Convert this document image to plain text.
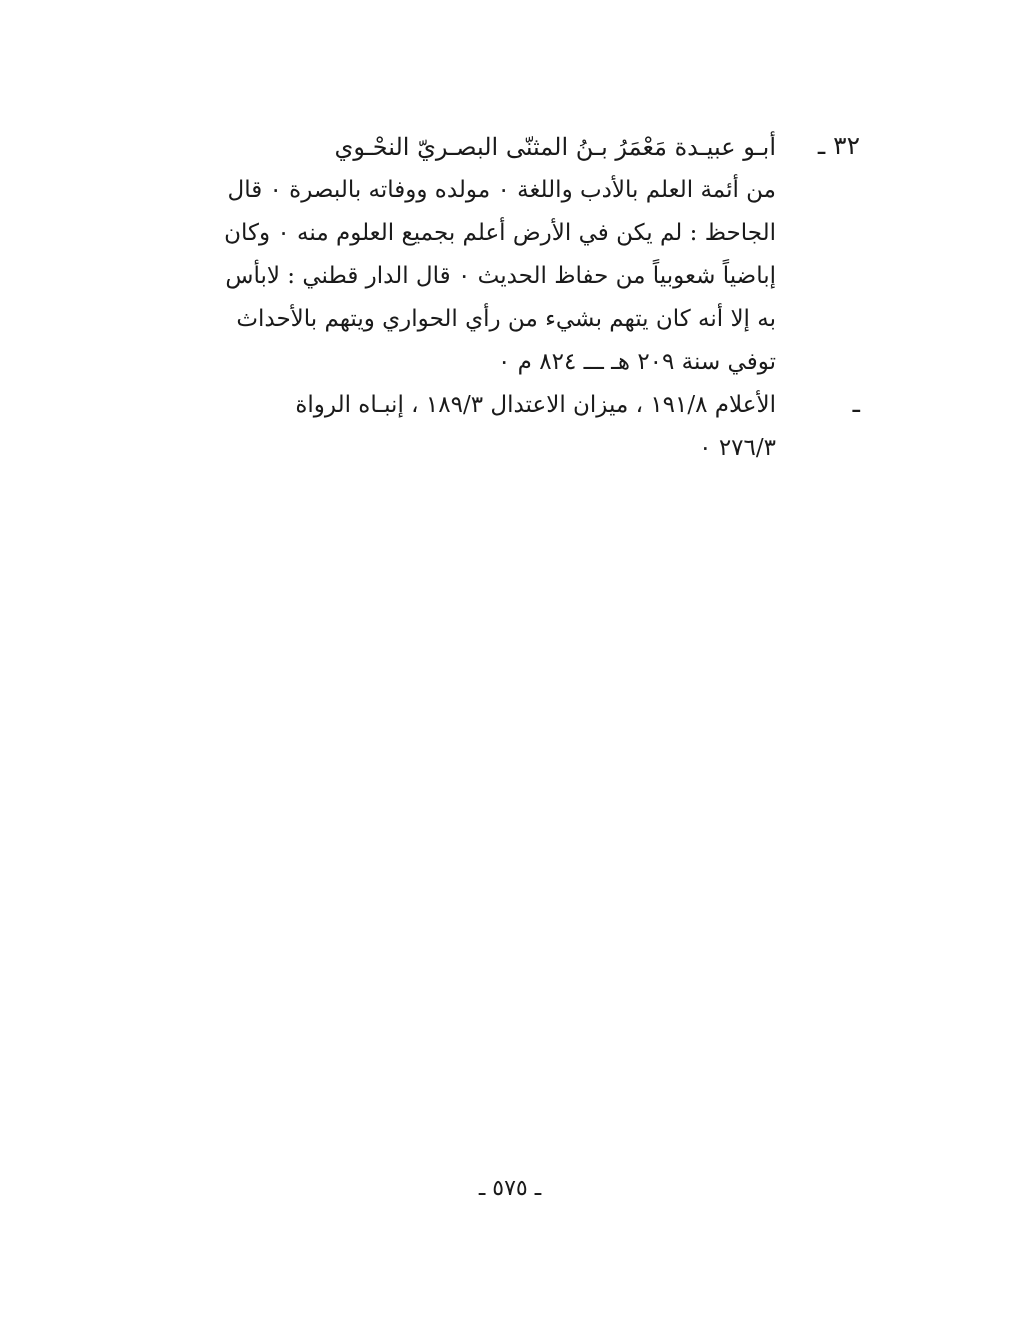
٣٢ ـ
أبـو عبيـدة مَعْمَرُ بـنُ المثنّى البصـريّ النحْـوي
من أئمة العلم بالأدب واللغة ٠ مولده ووفاته بالبصرة ٠ قال
الجاحظ : لم يكن في الأرض أعلم بجميع العلوم منه ٠ وكان
إباضياً شعوبياً من حفاظ الحديث ٠ قال الدار قطني : لابأس
به إلا أنه كان يتهم بشيء من رأي الحواري ويتهم بالأحداث
توفي سنة ٢٠٩ هـ ـــ ٨٢٤ م ٠
ـ
الأعلام ١٩١/٨ ، ميزان الاعتدال ١٨٩/٣ ، إنبـاه الرواة
٢٧٦/٣ ٠
ـ ٥٧٥ ـ
